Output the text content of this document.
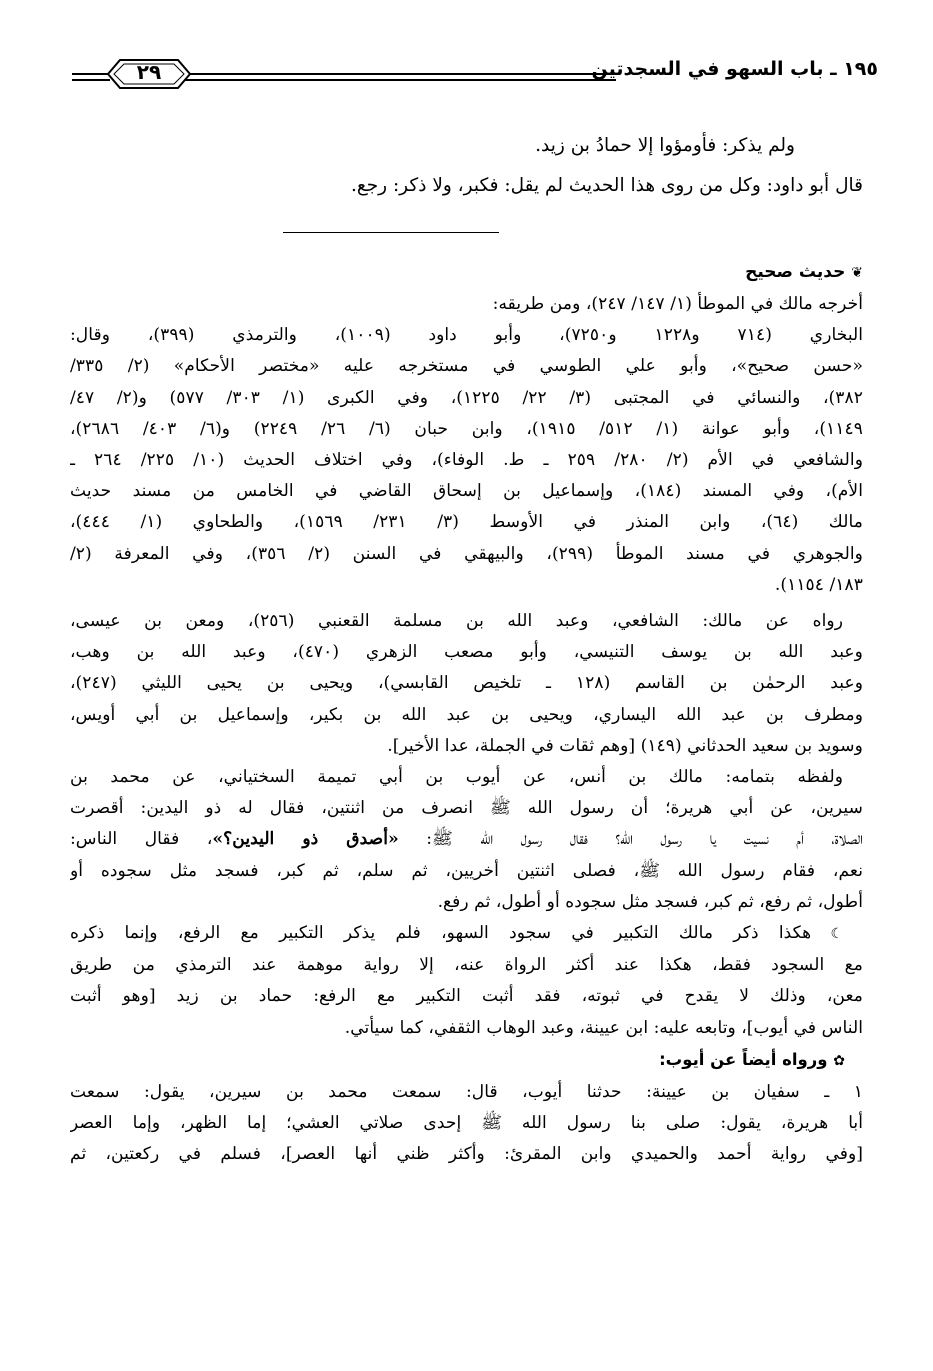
١٩٥ ـ باب السهو في السجدتين
٢٩
ولم يذكر: فأومؤوا إلا حمادُ بن زيد.
قال أبو داود: وكل من روى هذا الحديث لم يقل: فكبر، ولا ذكر: رجع.
❦ حديث صحيح
أخرجه مالك في الموطأ (١/ ١٤٧/ ٢٤٧)، ومن طريقه:
البخاري (٧١٤ و١٢٢٨ و٧٢٥٠)، وأبو داود (١٠٠٩)، والترمذي (٣٩٩)، وقال:
«حسن صحيح»، وأبو علي الطوسي في مستخرجه عليه «مختصر الأحكام» (٢/ ٣٣٥/
٣٨٢)، والنسائي في المجتبى (٣/ ٢٢/ ١٢٢٥)، وفي الكبرى (١/ ٣٠٣/ ٥٧٧) و(٢/ ٤٧/
١١٤٩)، وأبو عوانة (١/ ٥١٢/ ١٩١٥)، وابن حبان (٦/ ٢٦/ ٢٢٤٩) و(٦/ ٤٠٣/ ٢٦٨٦)،
والشافعي في الأم (٢/ ٢٨٠/ ٢٥٩ ـ ط. الوفاء)، وفي اختلاف الحديث (١٠/ ٢٢٥/ ٢٦٤ ـ
الأم)، وفي المسند (١٨٤)، وإسماعيل بن إسحاق القاضي في الخامس من مسند حديث
مالك (٦٤)، وابن المنذر في الأوسط (٣/ ٢٣١/ ١٥٦٩)، والطحاوي (١/ ٤٤٤)،
والجوهري في مسند الموطأ (٢٩٩)، والبيهقي في السنن (٢/ ٣٥٦)، وفي المعرفة (٢/
١٨٣/ ١١٥٤).
رواه عن مالك: الشافعي، وعبد الله بن مسلمة القعنبي (٢٥٦)، ومعن بن عيسى،
وعبد الله بن يوسف التنيسي، وأبو مصعب الزهري (٤٧٠)، وعبد الله بن وهب،
وعبد الرحمٰن بن القاسم (١٢٨ ـ تلخيص القابسي)، ويحيى بن يحيى الليثي (٢٤٧)،
ومطرف بن عبد الله اليساري، ويحيى بن عبد الله بن بكير، وإسماعيل بن أبي أويس،
وسويد بن سعيد الحدثاني (١٤٩) [وهم ثقات في الجملة، عدا الأخير].
ولفظه بتمامه: مالك بن أنس، عن أيوب بن أبي تميمة السختياني، عن محمد بن
سيرين، عن أبي هريرة؛ أن رسول الله ﷺ انصرف من اثنتين، فقال له ذو اليدين: أقصرت
الصلاة، أم نسيت يا رسول الله؟ فقال رسول الله ﷺ: «أصدق ذو اليدين؟»، فقال الناس:
نعم، فقام رسول الله ﷺ، فصلى اثنتين أخريين، ثم سلم، ثم كبر، فسجد مثل سجوده أو
أطول، ثم رفع، ثم كبر، فسجد مثل سجوده أو أطول، ثم رفع.
☾ هكذا ذكر مالك التكبير في سجود السهو، فلم يذكر التكبير مع الرفع، وإنما ذكره
مع السجود فقط، هكذا عند أكثر الرواة عنه، إلا رواية موهمة عند الترمذي من طريق
معن، وذلك لا يقدح في ثبوته، فقد أثبت التكبير مع الرفع: حماد بن زيد [وهو أثبت
الناس في أيوب]، وتابعه عليه: ابن عيينة، وعبد الوهاب الثقفي، كما سيأتي.
✿ ورواه أيضاً عن أيوب:
١ ـ سفيان بن عيينة: حدثنا أيوب، قال: سمعت محمد بن سيرين، يقول: سمعت
أبا هريرة، يقول: صلى بنا رسول الله ﷺ إحدى صلاتي العشي؛ إما الظهر، وإما العصر
[وفي رواية أحمد والحميدي وابن المقرئ: وأكثر ظني أنها العصر]، فسلم في ركعتين، ثم
